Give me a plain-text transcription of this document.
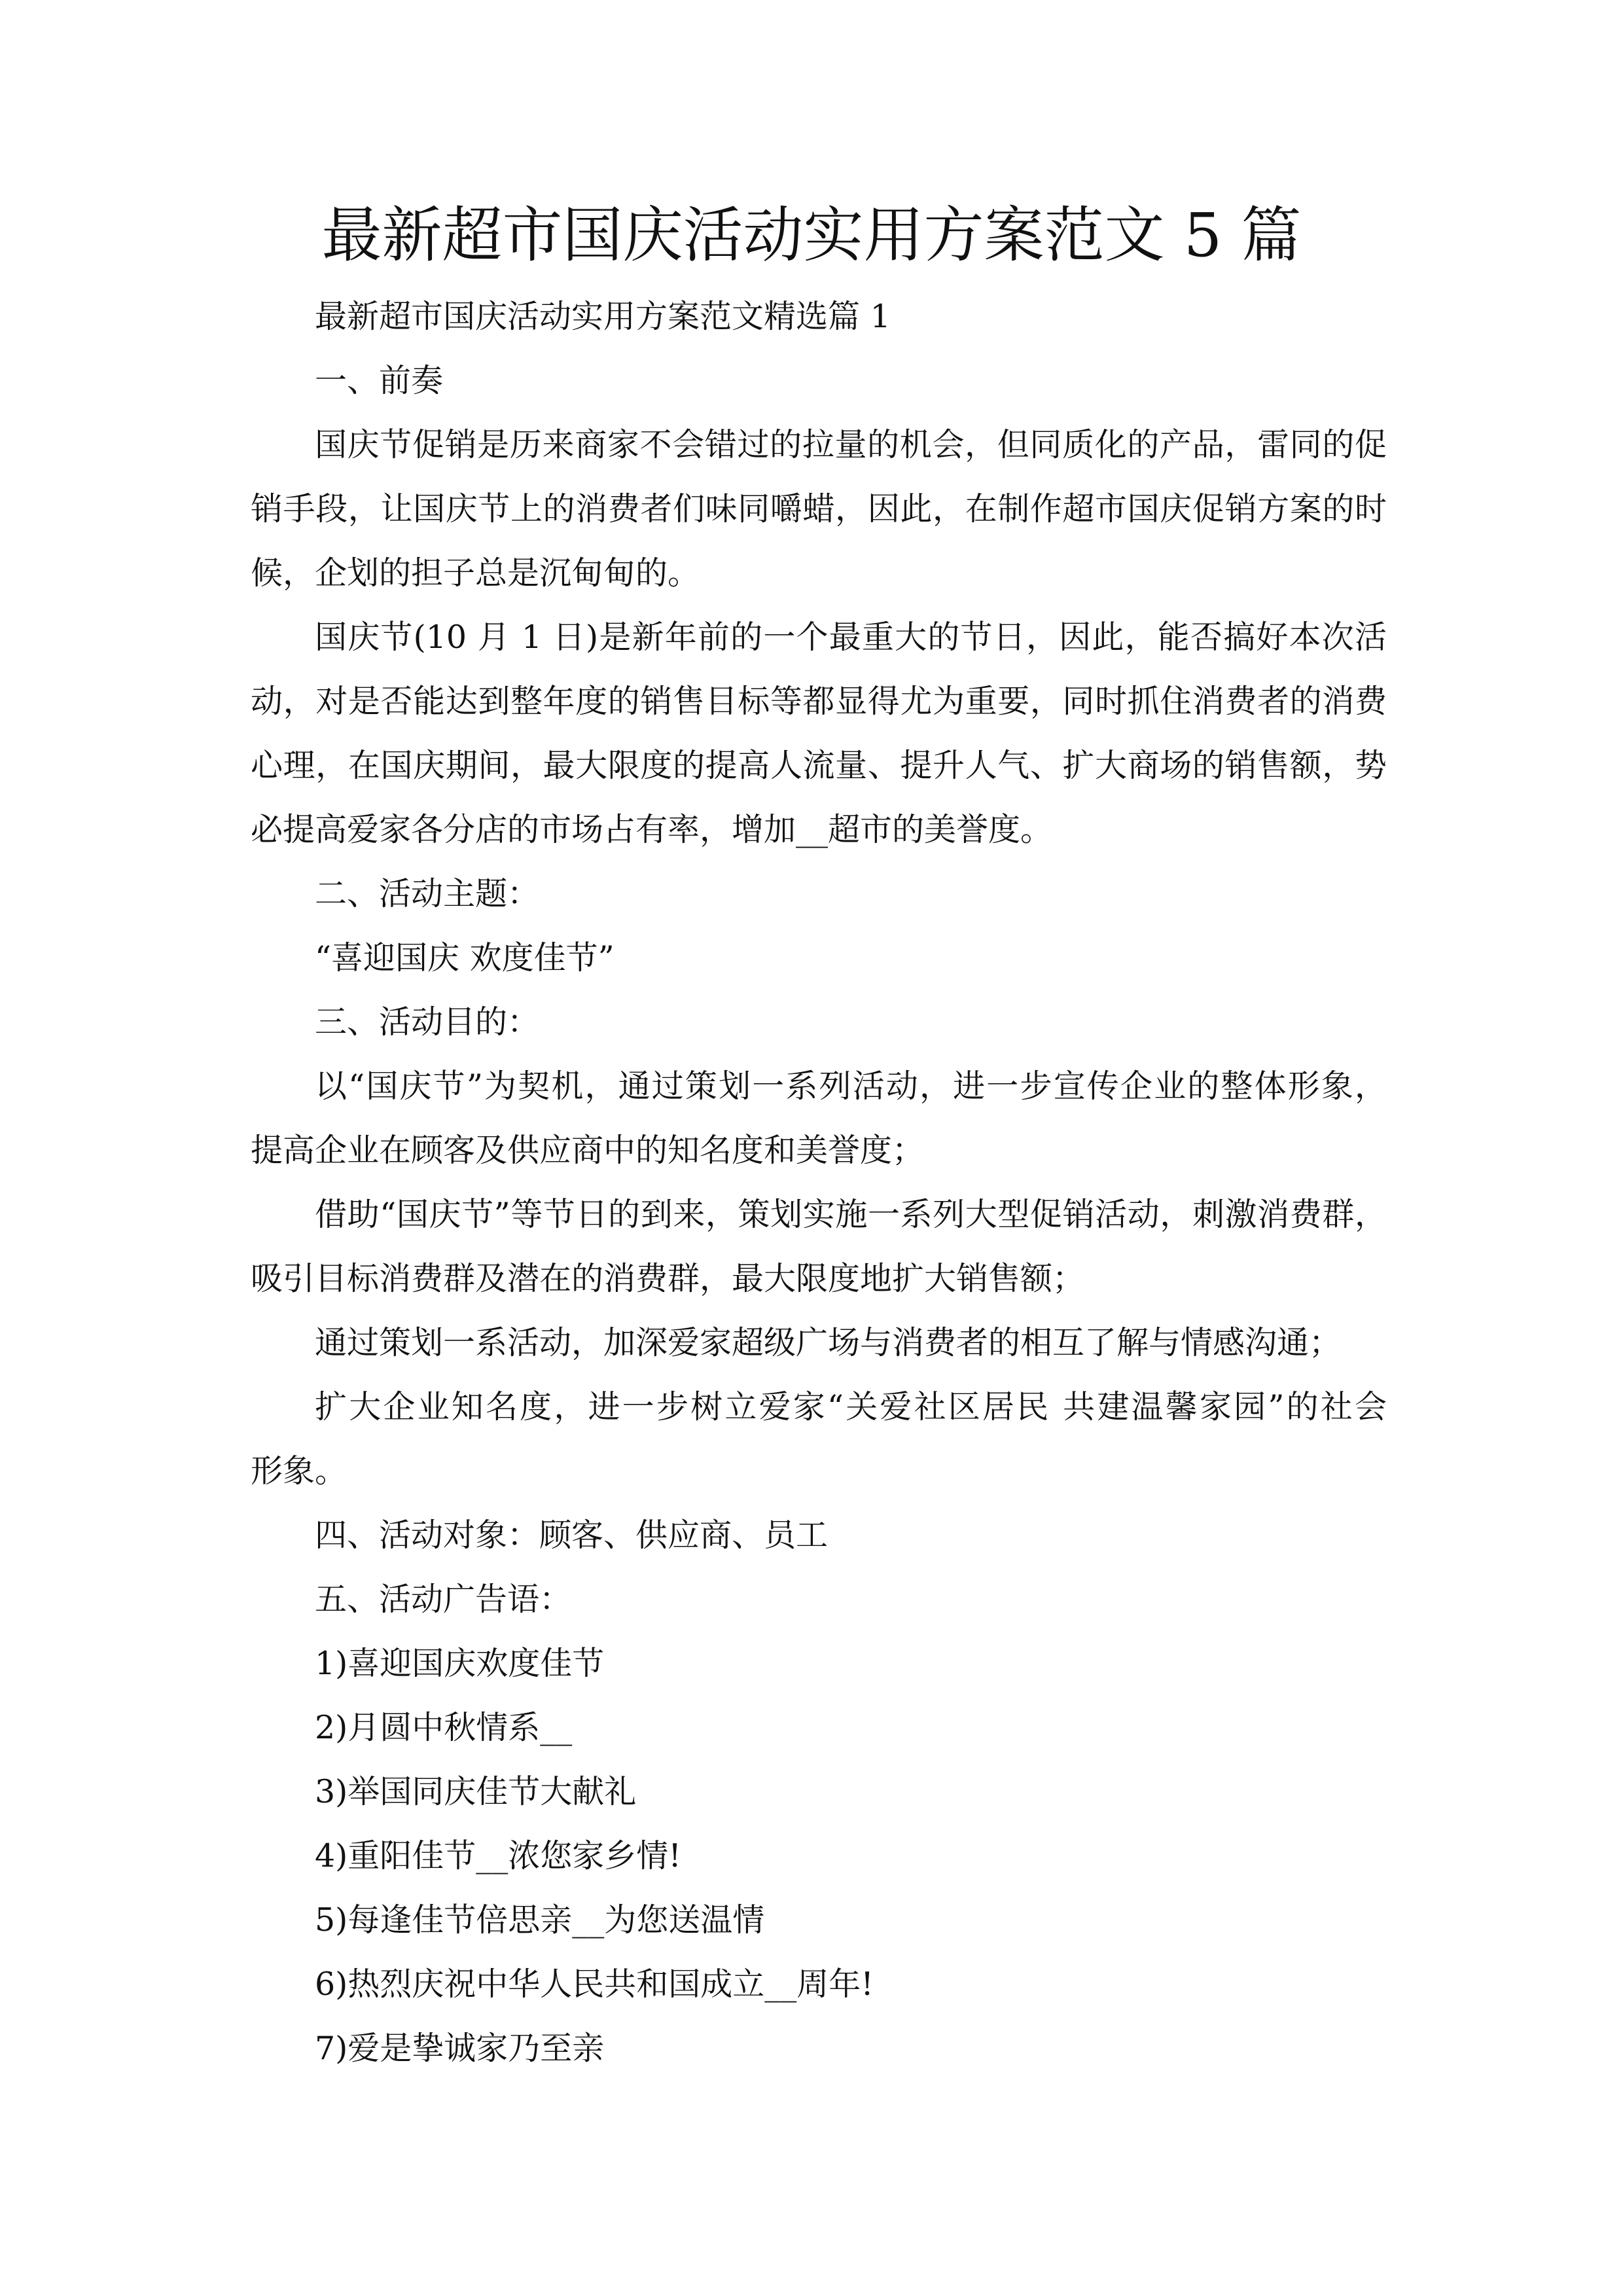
最新超市国庆活动实用方案范文 5 篇
最新超市国庆活动实用方案范文精选篇 1
一、前奏
国庆节促销是历来商家不会错过的拉量的机会，但同质化的产品，雷同的促
销手段，让国庆节上的消费者们味同嚼蜡，因此，在制作超市国庆促销方案的时
候，企划的担子总是沉甸甸的。
国庆节(10 月 1 日)是新年前的一个最重大的节日，因此，能否搞好本次活
动，对是否能达到整年度的销售目标等都显得尤为重要，同时抓住消费者的消费
心理，在国庆期间，最大限度的提高人流量、提升人气、扩大商场的销售额，势
必提高爱家各分店的市场占有率，增加__超市的美誉度。
二、活动主题：
“喜迎国庆 欢度佳节”
三、活动目的：
以“国庆节”为契机，通过策划一系列活动，进一步宣传企业的整体形象，
提高企业在顾客及供应商中的知名度和美誉度；
借助“国庆节”等节日的到来，策划实施一系列大型促销活动，刺激消费群，
吸引目标消费群及潜在的消费群，最大限度地扩大销售额；
通过策划一系活动，加深爱家超级广场与消费者的相互了解与情感沟通；
扩大企业知名度，进一步树立爱家“关爱社区居民 共建温馨家园”的社会
形象。
四、活动对象：顾客、供应商、员工
五、活动广告语：
1)喜迎国庆欢度佳节
2)月圆中秋情系__
3)举国同庆佳节大献礼
4)重阳佳节__浓您家乡情!
5)每逢佳节倍思亲__为您送温情
6)热烈庆祝中华人民共和国成立__周年!
7)爱是挚诚家乃至亲
